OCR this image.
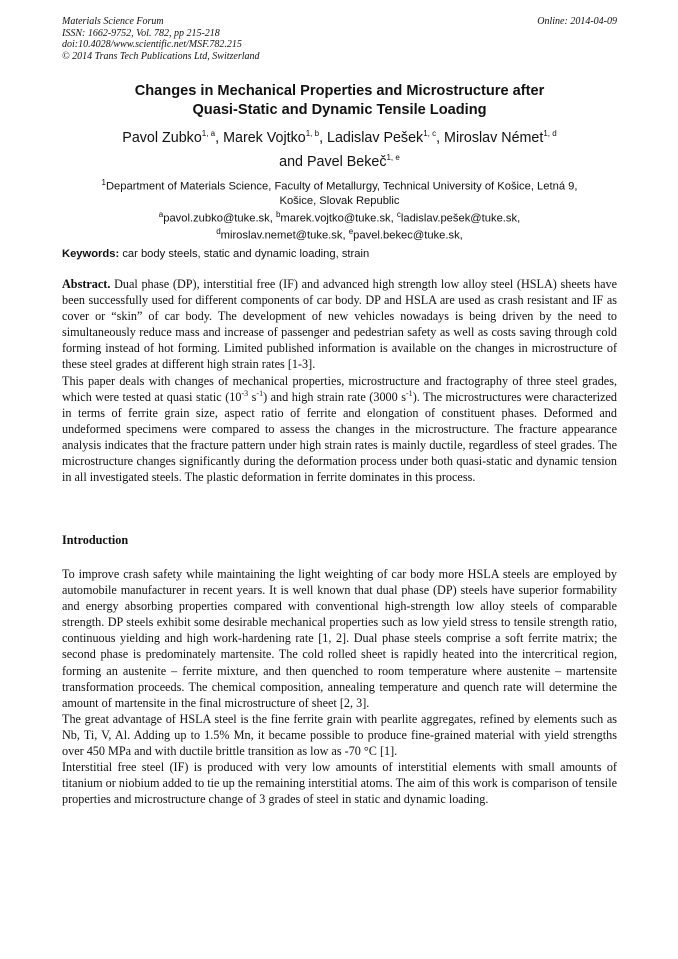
Materials Science Forum
ISSN: 1662-9752, Vol. 782, pp 215-218
doi:10.4028/www.scientific.net/MSF.782.215
© 2014 Trans Tech Publications Ltd, Switzerland
Online: 2014-04-09
Changes in Mechanical Properties and Microstructure after
Quasi-Static and Dynamic Tensile Loading
Pavol Zubko$^{1, a}$, Marek Vojtko$^{1, b}$, Ladislav Pešek$^{1, c}$, Miroslav Német$^{1, d}$
and Pavel Bekeč$^{1, e}$
$^1$Department of Materials Science, Faculty of Metallurgy, Technical University of Košice, Letná 9,
Košice, Slovak Republic
$^a$pavol.zubko@tuke.sk, $^b$marek.vojtko@tuke.sk, $^c$ladislav.pešek@tuke.sk,
$^d$miroslav.nemet@tuke.sk, $^e$pavel.bekec@tuke.sk,
Keywords: car body steels, static and dynamic loading, strain

Abstract. Dual phase (DP), interstitial free (IF) and advanced high strength low alloy steel (HSLA) sheets have been successfully used for different components of car body. DP and HSLA are used as crash resistant and IF as cover or “skin” of car body. The development of new vehicles nowadays is being driven by the need to simultaneously reduce mass and increase of passenger and pedestrian safety as well as costs saving through cold forming instead of hot forming. Limited published information is available on the changes in microstructure of these steel grades at different high strain rates [1-3].

This paper deals with changes of mechanical properties, microstructure and fractography of three steel grades, which were tested at quasi static ($10^{-3}$ $s^{-1}$) and high strain rate (3000 $s^{-1}$). The microstructures were characterized in terms of ferrite grain size, aspect ratio of ferrite and elongation of constituent phases. Deformed and undeformed specimens were compared to assess the changes in the microstructure. The fracture appearance analysis indicates that the fracture pattern under high strain rates is mainly ductile, regardless of steel grades. The microstructure changes significantly during the deformation process under both quasi-static and dynamic tension in all investigated steels. The plastic deformation in ferrite dominates in this process.

Introduction

To improve crash safety while maintaining the light weighting of car body more HSLA steels are employed by automobile manufacturer in recent years. It is well known that dual phase (DP) steels have superior formability and energy absorbing properties compared with conventional high-strength low alloy steels of comparable strength. DP steels exhibit some desirable mechanical properties such as low yield stress to tensile strength ratio, continuous yielding and high work-hardening rate [1, 2]. Dual phase steels comprise a soft ferrite matrix; the second phase is predominately martensite. The cold rolled sheet is rapidly heated into the intercritical region, forming an austenite – ferrite mixture, and then quenched to room temperature where austenite – martensite transformation proceeds. The chemical composition, annealing temperature and quench rate will determine the amount of martensite in the final microstructure of sheet [2, 3].

The great advantage of HSLA steel is the fine ferrite grain with pearlite aggregates, refined by elements such as Nb, Ti, V, Al. Adding up to 1.5% Mn, it became possible to produce fine-grained material with yield strengths over 450 MPa and with ductile brittle transition as low as -70 °C [1].

Interstitial free steel (IF) is produced with very low amounts of interstitial elements with small amounts of titanium or niobium added to tie up the remaining interstitial atoms. The aim of this work is comparison of tensile properties and microstructure change of 3 grades of steel in static and dynamic loading.
